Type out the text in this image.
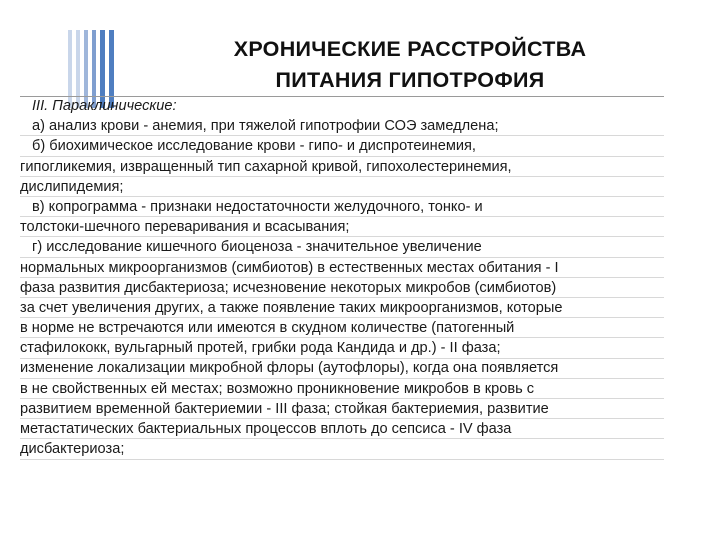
ХРОНИЧЕСКИЕ РАССТРОЙСТВА
ПИТАНИЯ ГИПОТРОФИЯ
III. Параклинические:
а) анализ крови - анемия, при тяжелой гипотрофии СОЭ замедлена;
б) биохимическое исследование крови - гипо- и диспротеинемия,
гипогликемия, извращенный тип сахарной кривой, гипохолестеринемия,
дислипидемия;
в) копрограмма - признаки недостаточности желудочного, тонко- и
толстоки-шечного переваривания и всасывания;
г) исследование кишечного биоценоза - значительное увеличение
нормальных микроорганизмов (симбиотов) в естественных местах обитания - I
фаза развития дисбактериоза; исчезновение некоторых микробов (симбиотов)
за счет увеличения других, а также появление таких микроорганизмов, которые
в норме не встречаются или имеются в скудном количестве (патогенный
стафилококк, вульгарный протей, грибки рода Кандида и др.) - II фаза;
изменение локализации микробной флоры (аутофлоры), когда она появляется
в не свойственных ей местах; возможно проникновение микробов в кровь с
развитием временной бактериемии - III фаза; стойкая бактериемия, развитие
метастатических бактериальных процессов вплоть до сепсиса - IV фаза
дисбактериоза;
